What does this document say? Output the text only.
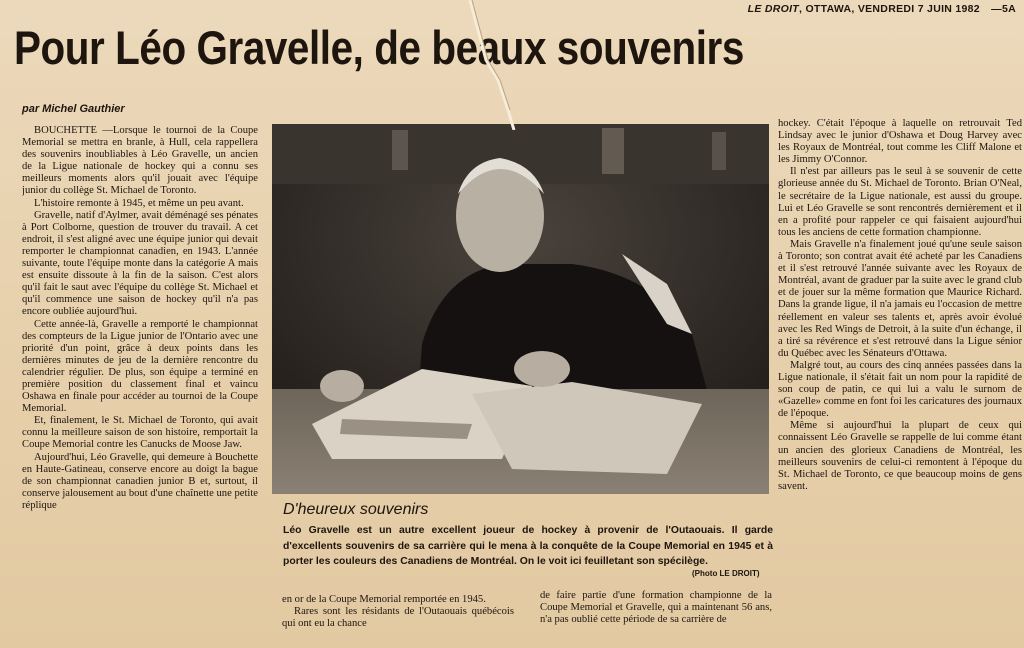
LE DROIT, OTTAWA, VENDREDI 7 JUIN 1982 —5A
Pour Léo Gravelle, de beaux souvenirs
par Michel Gauthier

BOUCHETTE —Lorsque le tournoi de la Coupe Memorial se mettra en branle, à Hull, cela rappellera des souvenirs inoubliables à Léo Gravelle, un ancien de la Ligue nationale de hockey qui a connu ses meilleurs moments alors qu'il jouait avec l'équipe junior du collège St. Michael de Toronto.

L'histoire remonte à 1945, et même un peu avant.

Gravelle, natif d'Aylmer, avait déménagé ses pénates à Port Colborne, question de trouver du travail. A cet endroit, il s'est aligné avec une équipe junior qui devait remporter le championnat canadien, en 1943. L'année suivante, toute l'équipe monte dans la catégorie A mais est ensuite dissoute à la fin de la saison. C'est alors qu'il fait le saut avec l'équipe du collège St. Michael et qu'il commence une saison de hockey qu'il n'a pas encore oubliée aujourd'hui.

Cette année-là, Gravelle a remporté le championnat des compteurs de la Ligue junior de l'Ontario avec une priorité d'un point, grâce à deux points dans les dernières minutes de jeu de la dernière rencontre du calendrier régulier. De plus, son équipe a terminé en première position du classement final et vaincu Oshawa en finale pour accéder au tournoi de la Coupe Memorial.

Et, finalement, le St. Michael de Toronto, qui avait connu la meilleure saison de son histoire, remportait la Coupe Memorial contre les Canucks de Moose Jaw.

Aujourd'hui, Léo Gravelle, qui demeure à Bouchette en Haute-Gatineau, conserve encore au doigt la bague de son championnat canadien junior B et, surtout, il conserve jalousement au bout d'une chaînette une petite réplique	D'heureux souvenirs
Léo Gravelle est un autre excellent joueur de hockey à provenir de l'Outaouais. Il garde d'excellents souvenirs de sa carrière qui le mena à la conquête de la Coupe Memorial en 1945 et à porter les couleurs des Canadiens de Montréal. On le voit ici feuilletant son spécilège.
(Photo LE DROIT)

en or de la Coupe Memorial remportée en 1945.

Rares sont les résidants de l'Outaouais québécois qui ont eu la chance

de faire partie d'une formation championne de la Coupe Memorial et Gravelle, qui a maintenant 56 ans, n'a pas oublié cette période de sa carrière de

hockey. C'était l'époque à laquelle on retrouvait Ted Lindsay avec le junior d'Oshawa et Doug Harvey avec les Royaux de Montréal, tout comme les Cliff Malone et les Jimmy O'Connor.

Il n'est par ailleurs pas le seul à se souvenir de cette glorieuse année du St. Michael de Toronto. Brian O'Neal, le secrétaire de la Ligue nationale, est aussi du groupe. Lui et Léo Gravelle se sont rencontrés dernièrement et il en a profité pour rappeler ce qui faisaient aujourd'hui tous les anciens de cette formation championne.

Mais Gravelle n'a finalement joué qu'une seule saison à Toronto; son contrat avait été acheté par les Canadiens et il s'est retrouvé l'année suivante avec les Royaux de Montréal, avant de graduer par la suite avec le grand club et de jouer sur la même formation que Maurice Richard. Dans la grande ligue, il n'a jamais eu l'occasion de mettre réellement en valeur ses talents et, après avoir évolué avec les Red Wings de Detroit, à la suite d'un échange, il a tiré sa révérence et s'est retrouvé dans la Ligue sénior du Québec avec les Sénateurs d'Ottawa.

Malgré tout, au cours des cinq années passées dans la Ligue nationale, il s'était fait un nom pour la rapidité de son coup de patin, ce qui lui a valu le surnom de «Gazelle» comme en font foi les caricatures des journaux de l'époque.

Même si aujourd'hui la plupart de ceux qui connaissent Léo Gravelle se rappelle de lui comme étant un ancien des glorieux Canadiens de Montréal, les meilleurs souvenirs de celui-ci remontent à l'époque du St. Michael de Toronto, ce que beaucoup moins de gens savent.
